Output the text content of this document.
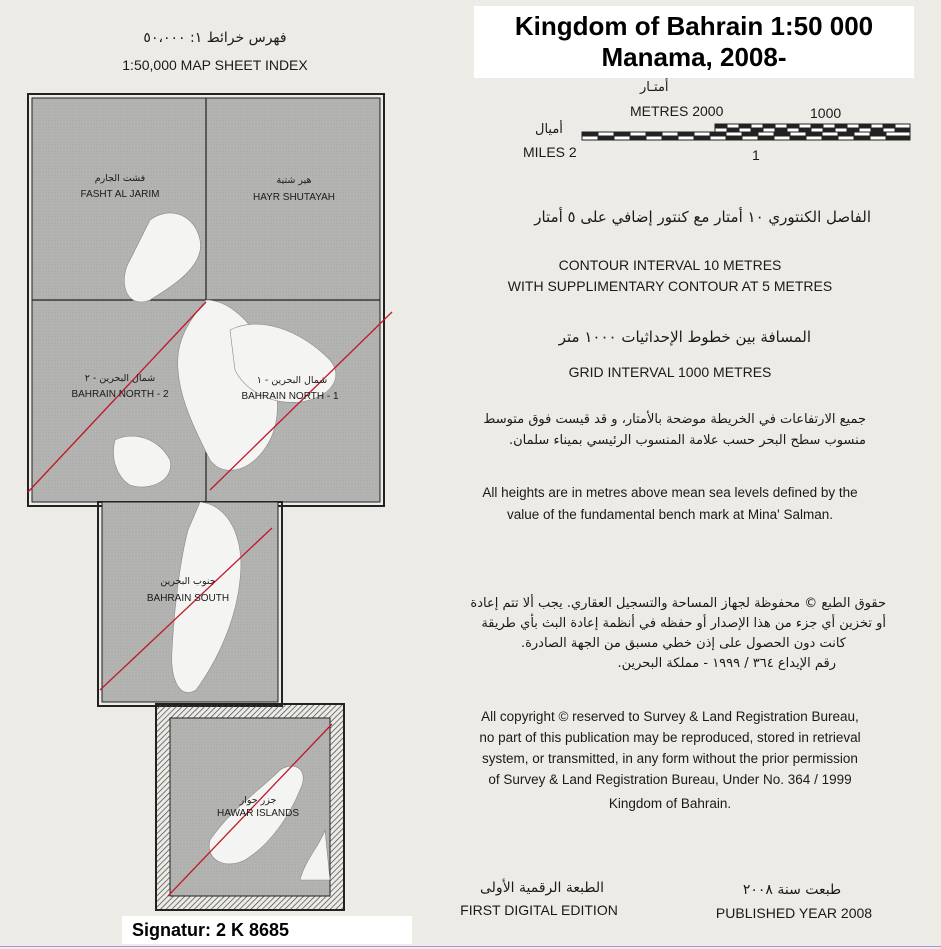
Kingdom of Bahrain 1:50 000
Manama, 2008-
فهرس خرائط ١: ٥٠،٠٠٠
1:50,000 MAP SHEET INDEX
فشت الجارم
FASHT AL JARIM
هير شتية
HAYR SHUTAYAH
شمال البحرين - ٢
BAHRAIN NORTH - 2
شمال البحرين - ١
BAHRAIN NORTH - 1
جنوب البحرين
BAHRAIN SOUTH
جزر حوار
HAWAR ISLANDS
أمتـار
METRES 2000	1000
أميال
MILES 2	1
الفاصل الكنتوري ١٠ أمتار مع كنتور إضافي على ٥ أمتار
CONTOUR INTERVAL 10 METRES
WITH SUPPLIMENTARY CONTOUR AT 5 METRES
المسافة بين خطوط الإحداثيات ١٠٠٠ متر
GRID INTERVAL 1000 METRES
جميع الارتفاعات في الخريطة موضحة بالأمتار، و قد قيست فوق متوسط
منسوب سطح البحر حسب علامة المنسوب الرئيسي بميناء سلمان.
All heights are in metres above mean sea levels defined by the
value of the fundamental bench mark at Mina' Salman.
حقوق الطبع © محفوظة لجهاز المساحة والتسجيل العقاري. يجب ألا تتم إعادة
أو تخزين أي جزء من هذا الإصدار أو حفظه في أنظمة إعادة البث بأي طريقة
كانت دون الحصول على إذن خطي مسبق من الجهة الصادرة.
رقم الإيداع ٣٦٤ / ١٩٩٩ - مملكة البحرين.
All copyright © reserved to Survey & Land Registration Bureau,
no part of this publication may be reproduced, stored in retrieval
system, or transmitted, in any form without the prior permission
of Survey & Land Registration Bureau, Under No. 364 / 1999
Kingdom of Bahrain.
الطبعة الرقمية الأولى
FIRST DIGITAL EDITION
طبعت سنة ٢٠٠٨
PUBLISHED YEAR 2008
Signatur: 2 K 8685
